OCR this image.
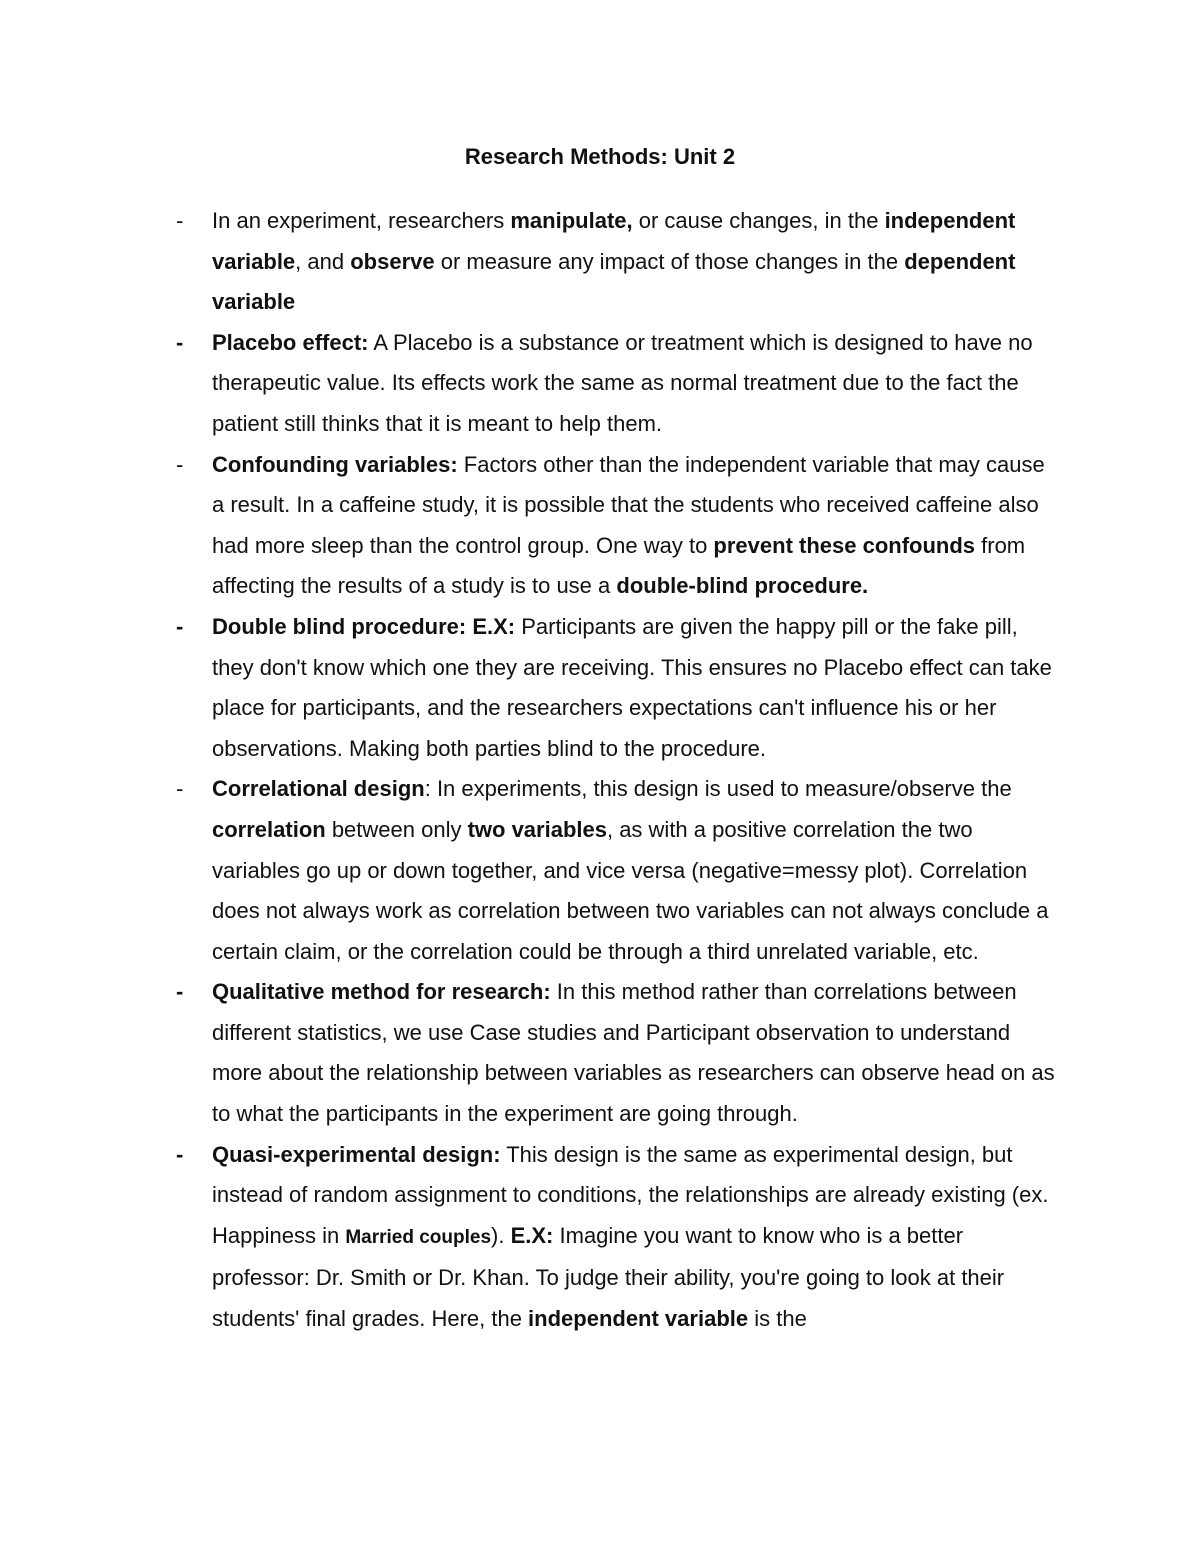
Research Methods: Unit 2
-	In an experiment, researchers manipulate, or cause changes, in the independent variable, and observe or measure any impact of those changes in the dependent variable
-	Placebo effect: A Placebo is a substance or treatment which is designed to have no therapeutic value. Its effects work the same as normal treatment due to the fact the patient still thinks that it is meant to help them.
-	Confounding variables: Factors other than the independent variable that may cause a result. In a caffeine study, it is possible that the students who received caffeine also had more sleep than the control group. One way to prevent these confounds from affecting the results of a study is to use a double-blind procedure.
-	Double blind procedure: E.X: Participants are given the happy pill or the fake pill, they don't know which one they are receiving. This ensures no Placebo effect can take place for participants, and the researchers expectations can't influence his or her observations. Making both parties blind to the procedure.
-	Correlational design: In experiments, this design is used to measure/observe the correlation between only two variables, as with a positive correlation the two variables go up or down together, and vice versa (negative=messy plot). Correlation does not always work as correlation between two variables can not always conclude a certain claim, or the correlation could be through a third unrelated variable, etc.
-	Qualitative method for research: In this method rather than correlations between different statistics, we use Case studies and Participant observation to understand more about the relationship between variables as researchers can observe head on as to what the participants in the experiment are going through.
-	Quasi-experimental design: This design is the same as experimental design, but instead of random assignment to conditions, the relationships are already existing (ex. Happiness in Married couples). E.X: Imagine you want to know who is a better professor: Dr. Smith or Dr. Khan. To judge their ability, you're going to look at their students' final grades. Here, the independent variable is the
